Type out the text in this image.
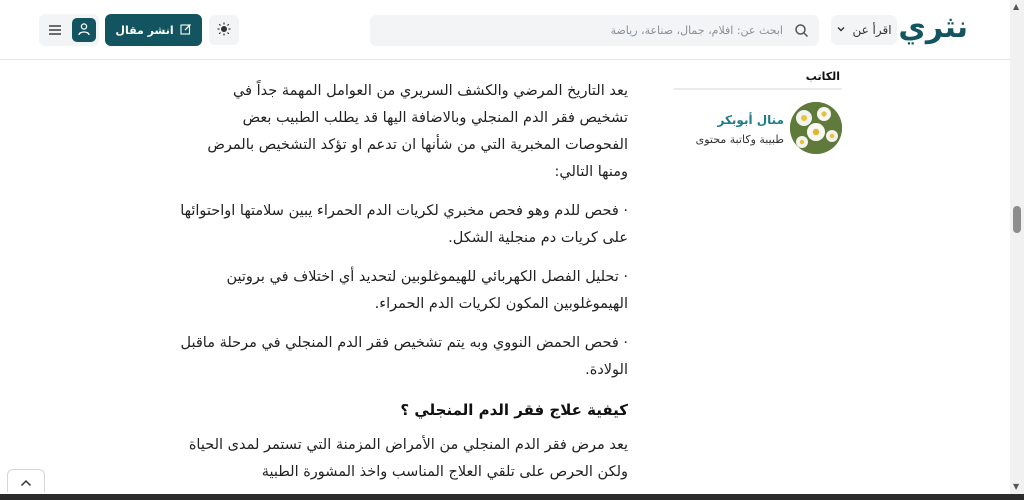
نثري
اقرأ عن
ابحث عن: افلام، جمال، صناعة، رياضة
انشر مقال
الكاتب
منال أبوبكر
طبيبة وكاتبة محتوى

يعد التاريخ المرضي والكشف السريري من العوامل المهمة جداً في تشخيص فقر الدم المنجلي وبالاضافة اليها قد يطلب الطبيب بعض الفحوصات المخبرية التي من شأنها ان تدعم او تؤكد التشخيص بالمرض ومنها التالي:

· فحص للدم وهو فحص مخبري لكريات الدم الحمراء يبين سلامتها اواحتوائها على كريات دم منجلية الشكل.

· تحليل الفصل الكهربائي للهيموغلوبين لتحديد أي اختلاف في بروتين الهيموغلوبين المكون لكريات الدم الحمراء.

· فحص الحمض النووي وبه يتم تشخيص فقر الدم المنجلي في مرحلة ماقبل الولادة.

كيفية علاج فقر الدم المنجلي ؟

يعد مرض فقر الدم المنجلي من الأمراض المزمنة التي تستمر لمدى الحياة ولكن الحرص على تلقي العلاج المناسب واخذ المشورة الطبية

▲
▼
